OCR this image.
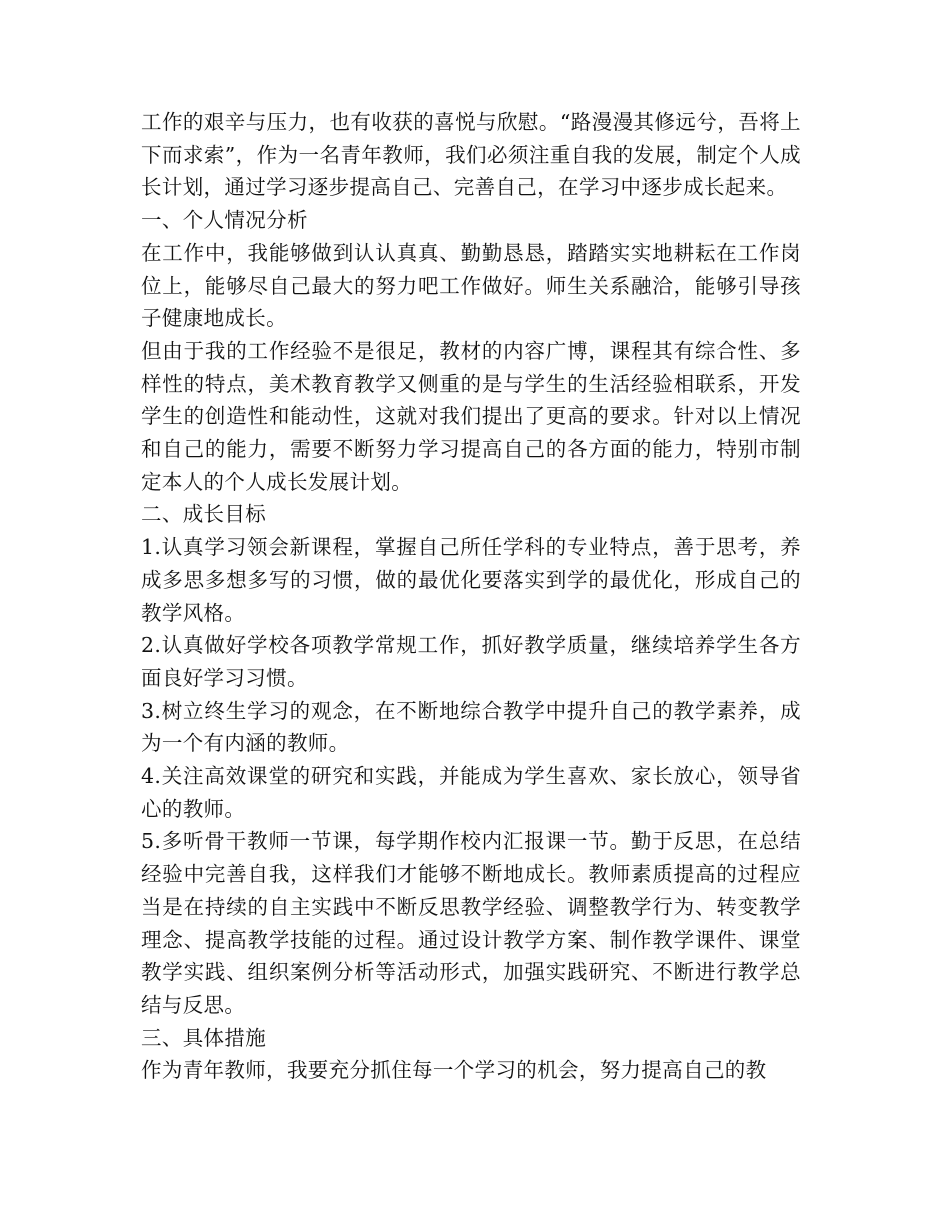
工作的艰辛与压力，也有收获的喜悦与欣慰。“路漫漫其修远兮，吾将上下而求索”，作为一名青年教师，我们必须注重自我的发展，制定个人成长计划，通过学习逐步提高自己、完善自己，在学习中逐步成长起来。

一、个人情况分析

在工作中，我能够做到认认真真、勤勤恳恳，踏踏实实地耕耘在工作岗位上，能够尽自己最大的努力吧工作做好。师生关系融洽，能够引导孩子健康地成长。

但由于我的工作经验不是很足，教材的内容广博，课程其有综合性、多样性的特点，美术教育教学又侧重的是与学生的生活经验相联系，开发学生的创造性和能动性，这就对我们提出了更高的要求。针对以上情况和自己的能力，需要不断努力学习提高自己的各方面的能力，特别市制定本人的个人成长发展计划。

二、成长目标

1.认真学习领会新课程，掌握自己所任学科的专业特点，善于思考，养成多思多想多写的习惯，做的最优化要落实到学的最优化，形成自己的教学风格。

2.认真做好学校各项教学常规工作，抓好教学质量，继续培养学生各方面良好学习习惯。

3.树立终生学习的观念，在不断地综合教学中提升自己的教学素养，成为一个有内涵的教师。

4.关注高效课堂的研究和实践，并能成为学生喜欢、家长放心，领导省心的教师。

5.多听骨干教师一节课，每学期作校内汇报课一节。勤于反思，在总结经验中完善自我，这样我们才能够不断地成长。教师素质提高的过程应当是在持续的自主实践中不断反思教学经验、调整教学行为、转变教学理念、提高教学技能的过程。通过设计教学方案、制作教学课件、课堂教学实践、组织案例分析等活动形式，加强实践研究、不断进行教学总结与反思。

三、具体措施

作为青年教师，我要充分抓住每一个学习的机会，努力提高自己的教
